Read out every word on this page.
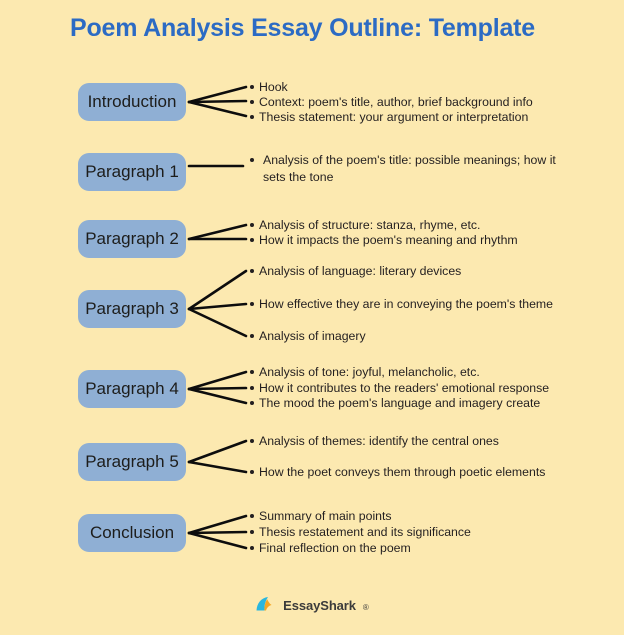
Poem Analysis Essay Outline: Template
Introduction
Paragraph 1
Paragraph 2
Paragraph 3
Paragraph 4
Paragraph 5
Conclusion
Hook
Context: poem's title, author, brief background info
Thesis statement: your argument or interpretation
Analysis of the poem's title: possible meanings; how it sets the tone
Analysis of structure: stanza, rhyme, etc.
How it impacts the poem's meaning and rhythm
Analysis of language: literary devices
How effective they are in conveying the poem's theme
Analysis of imagery
Analysis of tone: joyful, melancholic, etc.
How it contributes to the readers' emotional response
The mood the poem's language and imagery create
Analysis of themes: identify the central ones
How the poet conveys them through poetic elements
Summary of main points
Thesis restatement and its significance
Final reflection on the poem
EssayShark ®
